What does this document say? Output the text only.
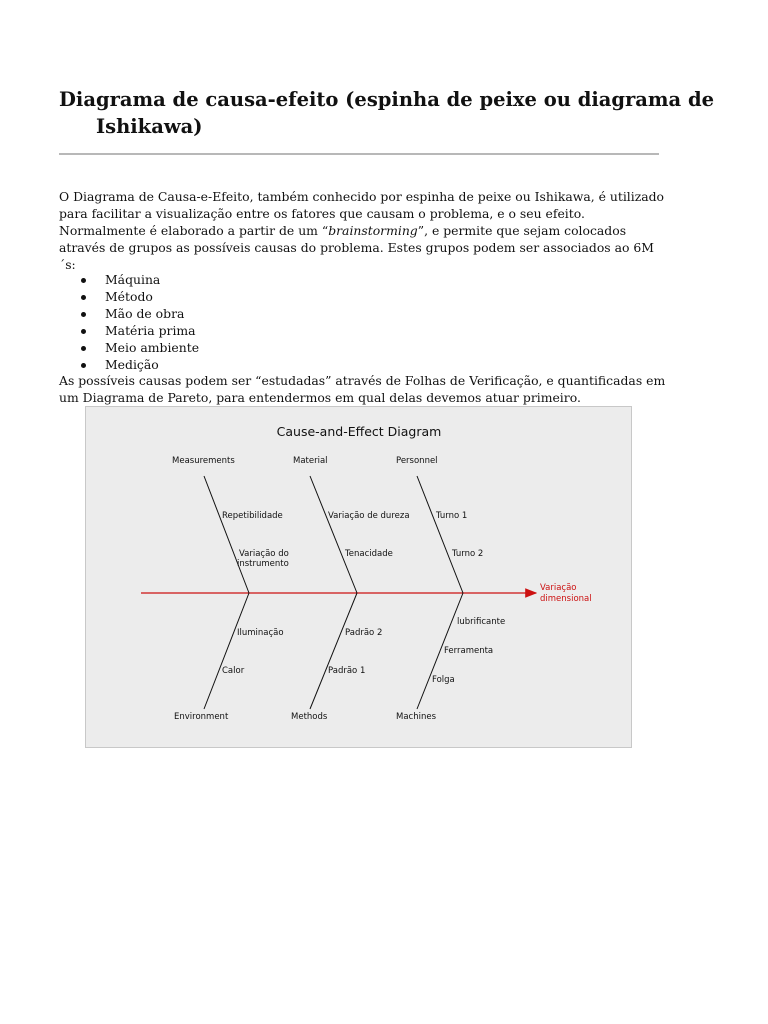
Diagrama de causa-efeito (espinha de peixe ou diagrama de Ishikawa)
O Diagrama de Causa-e-Efeito, também conhecido por espinha de peixe ou Ishikawa, é utilizado para facilitar a visualização entre os fatores que causam o problema, e o seu efeito. Normalmente é elaborado a partir de um “brainstorming”, e permite que sejam colocados através de grupos as possíveis causas do problema. Estes grupos podem ser associados ao 6M´s:
Máquina
Método
Mão de obra
Matéria prima
Meio ambiente
Medição
As possíveis causas podem ser “estudadas” através de Folhas de Verificação, e quantificadas em um Diagrama de Pareto, para entendermos em qual delas devemos atuar primeiro.
Cause-and-Effect Diagram
Variação
dimensional
Measurements	Material	Personnel
Environment	Methods	Machines
Repetibilidade
Variação do
instrumento
Variação de dureza
Tenacidade
Turno 1
Turno 2
Iluminação
Calor
Padrão 2
Padrão 1
lubrificante
Ferramenta
Folga
